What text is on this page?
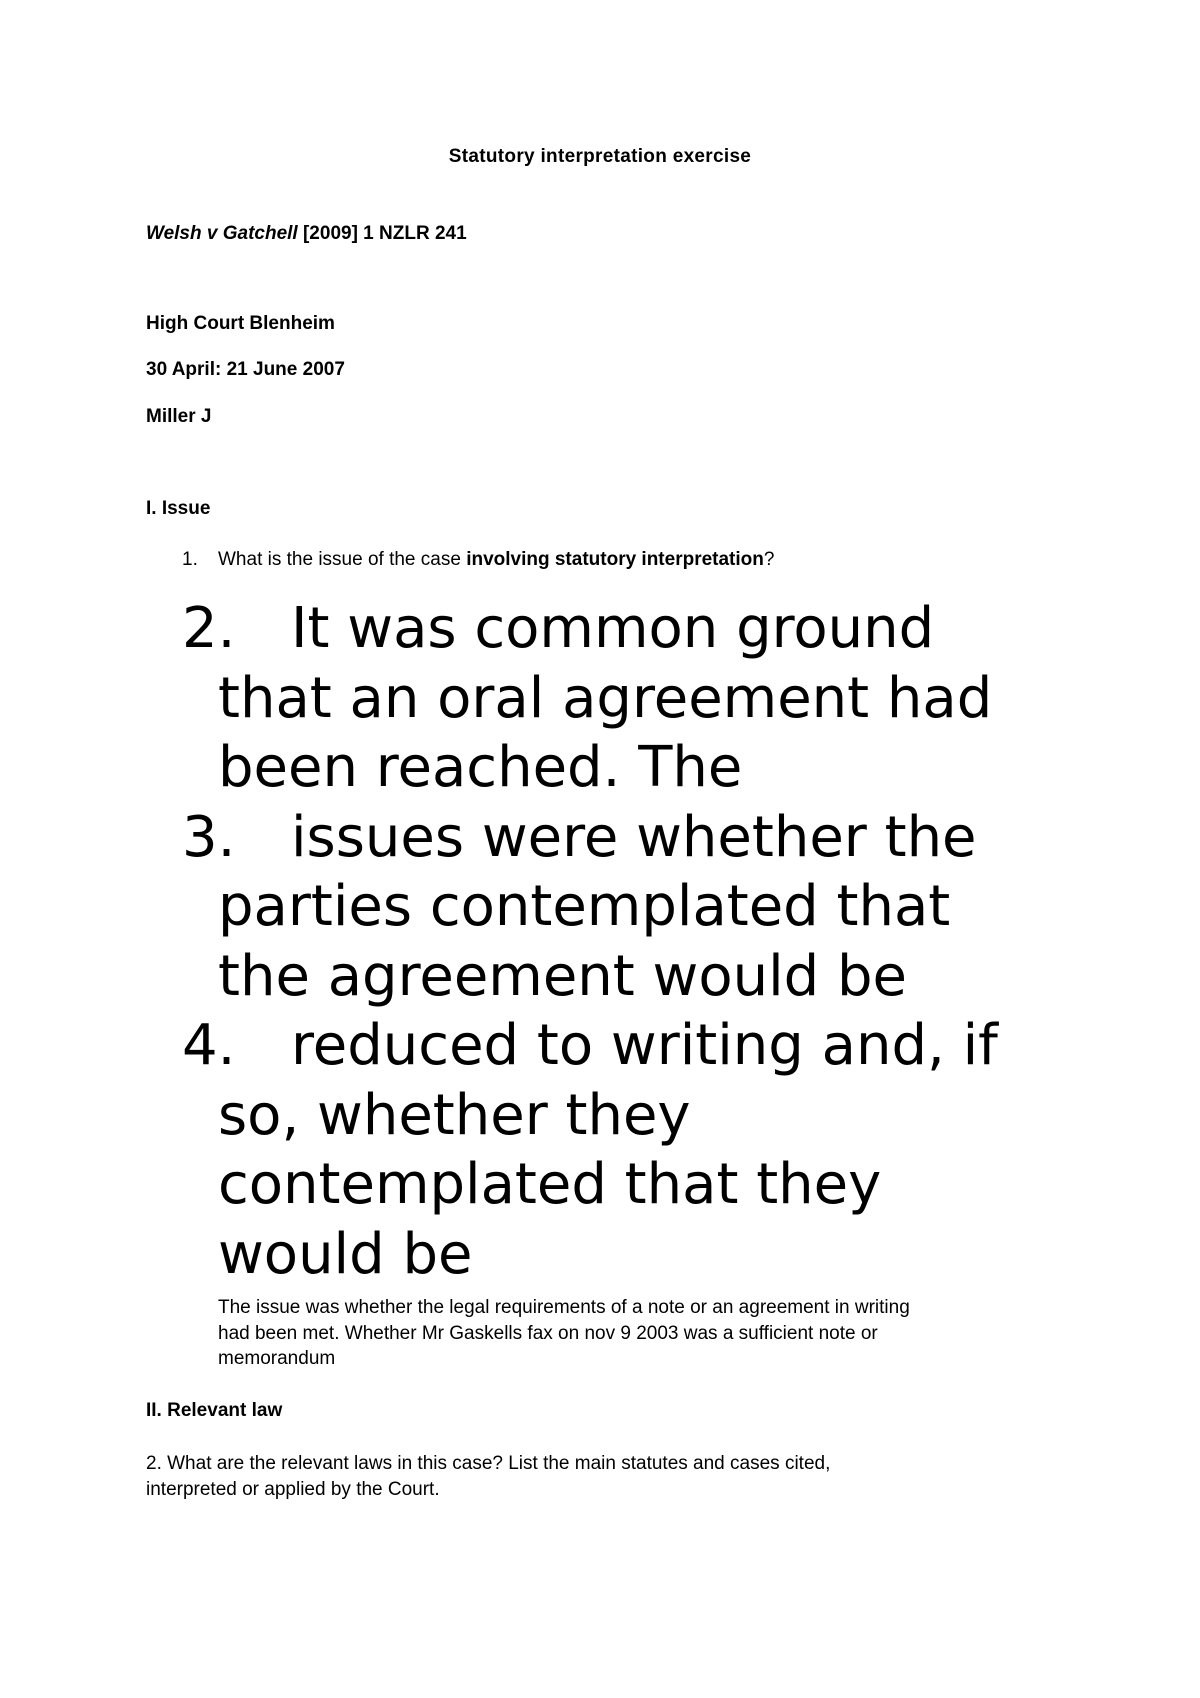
Statutory interpretation exercise
Welsh v Gatchell [2009] 1 NZLR 241
High Court Blenheim
30 April: 21 June 2007
Miller J
I. Issue
1. What is the issue of the case involving statutory interpretation?
2. It was common ground
that an oral agreement had
been reached. The
3. issues were whether the
parties contemplated that
the agreement would be
4. reduced to writing and, if
so, whether they
contemplated that they
would be
The issue was whether the legal requirements of a note or an agreement in writing
had been met. Whether Mr Gaskells fax on nov 9 2003 was a sufficient note or
memorandum
II. Relevant law
2. What are the relevant laws in this case? List the main statutes and cases cited,
interpreted or applied by the Court.
